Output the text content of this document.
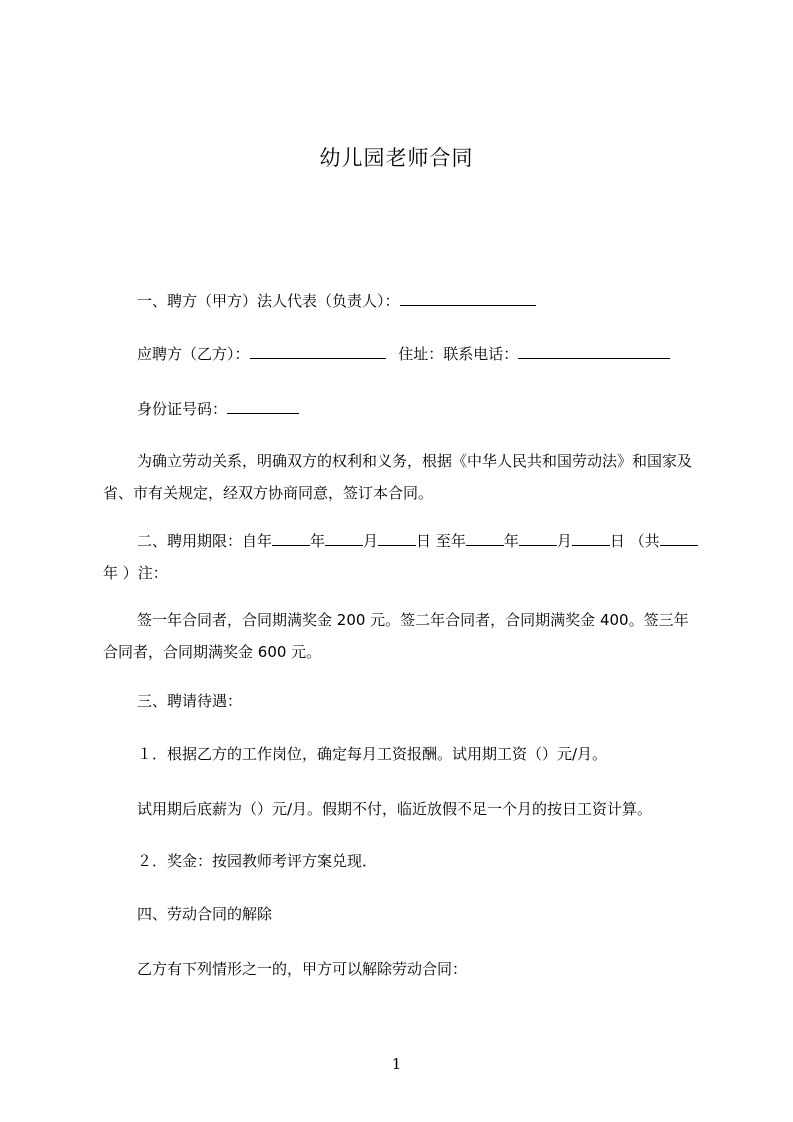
幼儿园老师合同
一、聘方（甲方）法人代表（负责人）：
应聘方（乙方）：	住址：联系电话：
身份证号码：
为确立劳动关系，明确双方的权利和义务，根据《中华人民共和国劳动法》和国家及省、市有关规定，经双方协商同意，签订本合同。
二、聘用期限：自年	年	月	日 至年	年	月	日 （共年 ）注：
签一年合同者，合同期满奖金 200 元。签二年合同者，合同期满奖金 400。签三年合同者，合同期满奖金 600 元。
三、聘请待遇：
１．根据乙方的工作岗位，确定每月工资报酬。试用期工资（）元/月。
试用期后底薪为（）元/月。假期不付，临近放假不足一个月的按日工资计算。
２．奖金：按园教师考评方案兑现．
四、劳动合同的解除
乙方有下列情形之一的，甲方可以解除劳动合同：
1
